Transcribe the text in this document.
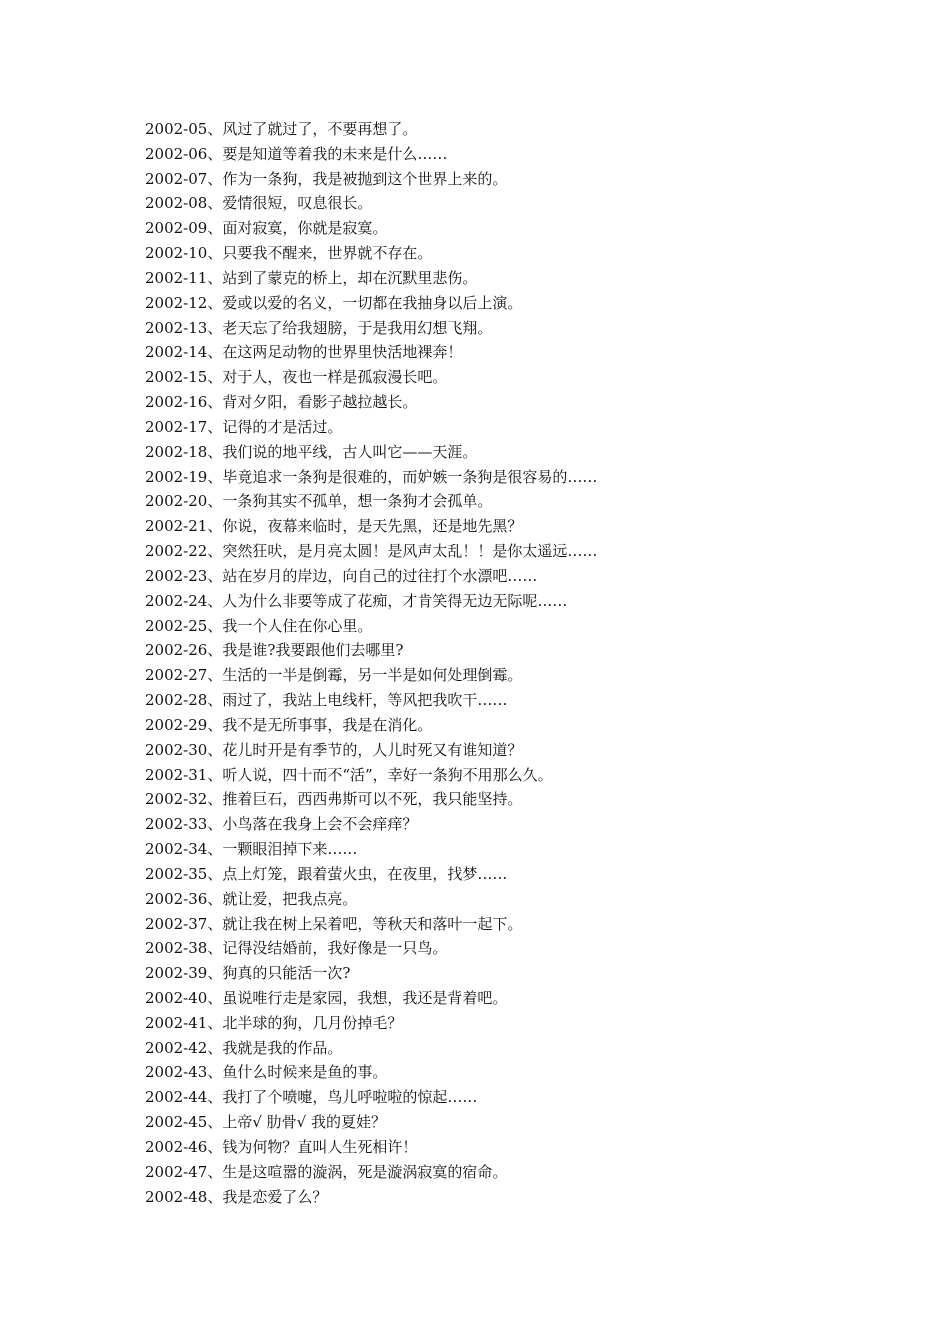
2002-05、风过了就过了，不要再想了。
2002-06、要是知道等着我的未来是什么……
2002-07、作为一条狗，我是被抛到这个世界上来的。
2002-08、爱情很短，叹息很长。
2002-09、面对寂寞，你就是寂寞。
2002-10、只要我不醒来，世界就不存在。
2002-11、站到了蒙克的桥上，却在沉默里悲伤。
2002-12、爱或以爱的名义，一切都在我抽身以后上演。
2002-13、老天忘了给我翅膀，于是我用幻想飞翔。
2002-14、在这两足动物的世界里快活地裸奔！
2002-15、对于人，夜也一样是孤寂漫长吧。
2002-16、背对夕阳，看影子越拉越长。
2002-17、记得的才是活过。
2002-18、我们说的地平线，古人叫它——天涯。
2002-19、毕竟追求一条狗是很难的，而妒嫉一条狗是很容易的……
2002-20、一条狗其实不孤单，想一条狗才会孤单。
2002-21、你说，夜幕来临时，是天先黑，还是地先黑？
2002-22、突然狂吠，是月亮太圆！是风声太乱！！是你太遥远……
2002-23、站在岁月的岸边，向自己的过往打个水漂吧……
2002-24、人为什么非要等成了花痴，才肯笑得无边无际呢……
2002-25、我一个人住在你心里。
2002-26、我是谁?我要跟他们去哪里?
2002-27、生活的一半是倒霉，另一半是如何处理倒霉。
2002-28、雨过了，我站上电线杆，等风把我吹干……
2002-29、我不是无所事事，我是在消化。
2002-30、花儿时开是有季节的，人儿时死又有谁知道？
2002-31、听人说，四十而不“活”，幸好一条狗不用那么久。
2002-32、推着巨石，西西弗斯可以不死，我只能坚持。
2002-33、小鸟落在我身上会不会痒痒？
2002-34、一颗眼泪掉下来……
2002-35、点上灯笼，跟着萤火虫，在夜里，找梦……
2002-36、就让爱，把我点亮。
2002-37、就让我在树上呆着吧，等秋天和落叶一起下。
2002-38、记得没结婚前，我好像是一只鸟。
2002-39、狗真的只能活一次?
2002-40、虽说唯行走是家园，我想，我还是背着吧。
2002-41、北半球的狗，几月份掉毛？
2002-42、我就是我的作品。
2002-43、鱼什么时候来是鱼的事。
2002-44、我打了个喷嚏，鸟儿呼啦啦的惊起……
2002-45、上帝√ 肋骨√ 我的夏娃？
2002-46、钱为何物？直叫人生死相许！
2002-47、生是这喧嚣的漩涡，死是漩涡寂寞的宿命。
2002-48、我是恋爱了么？
